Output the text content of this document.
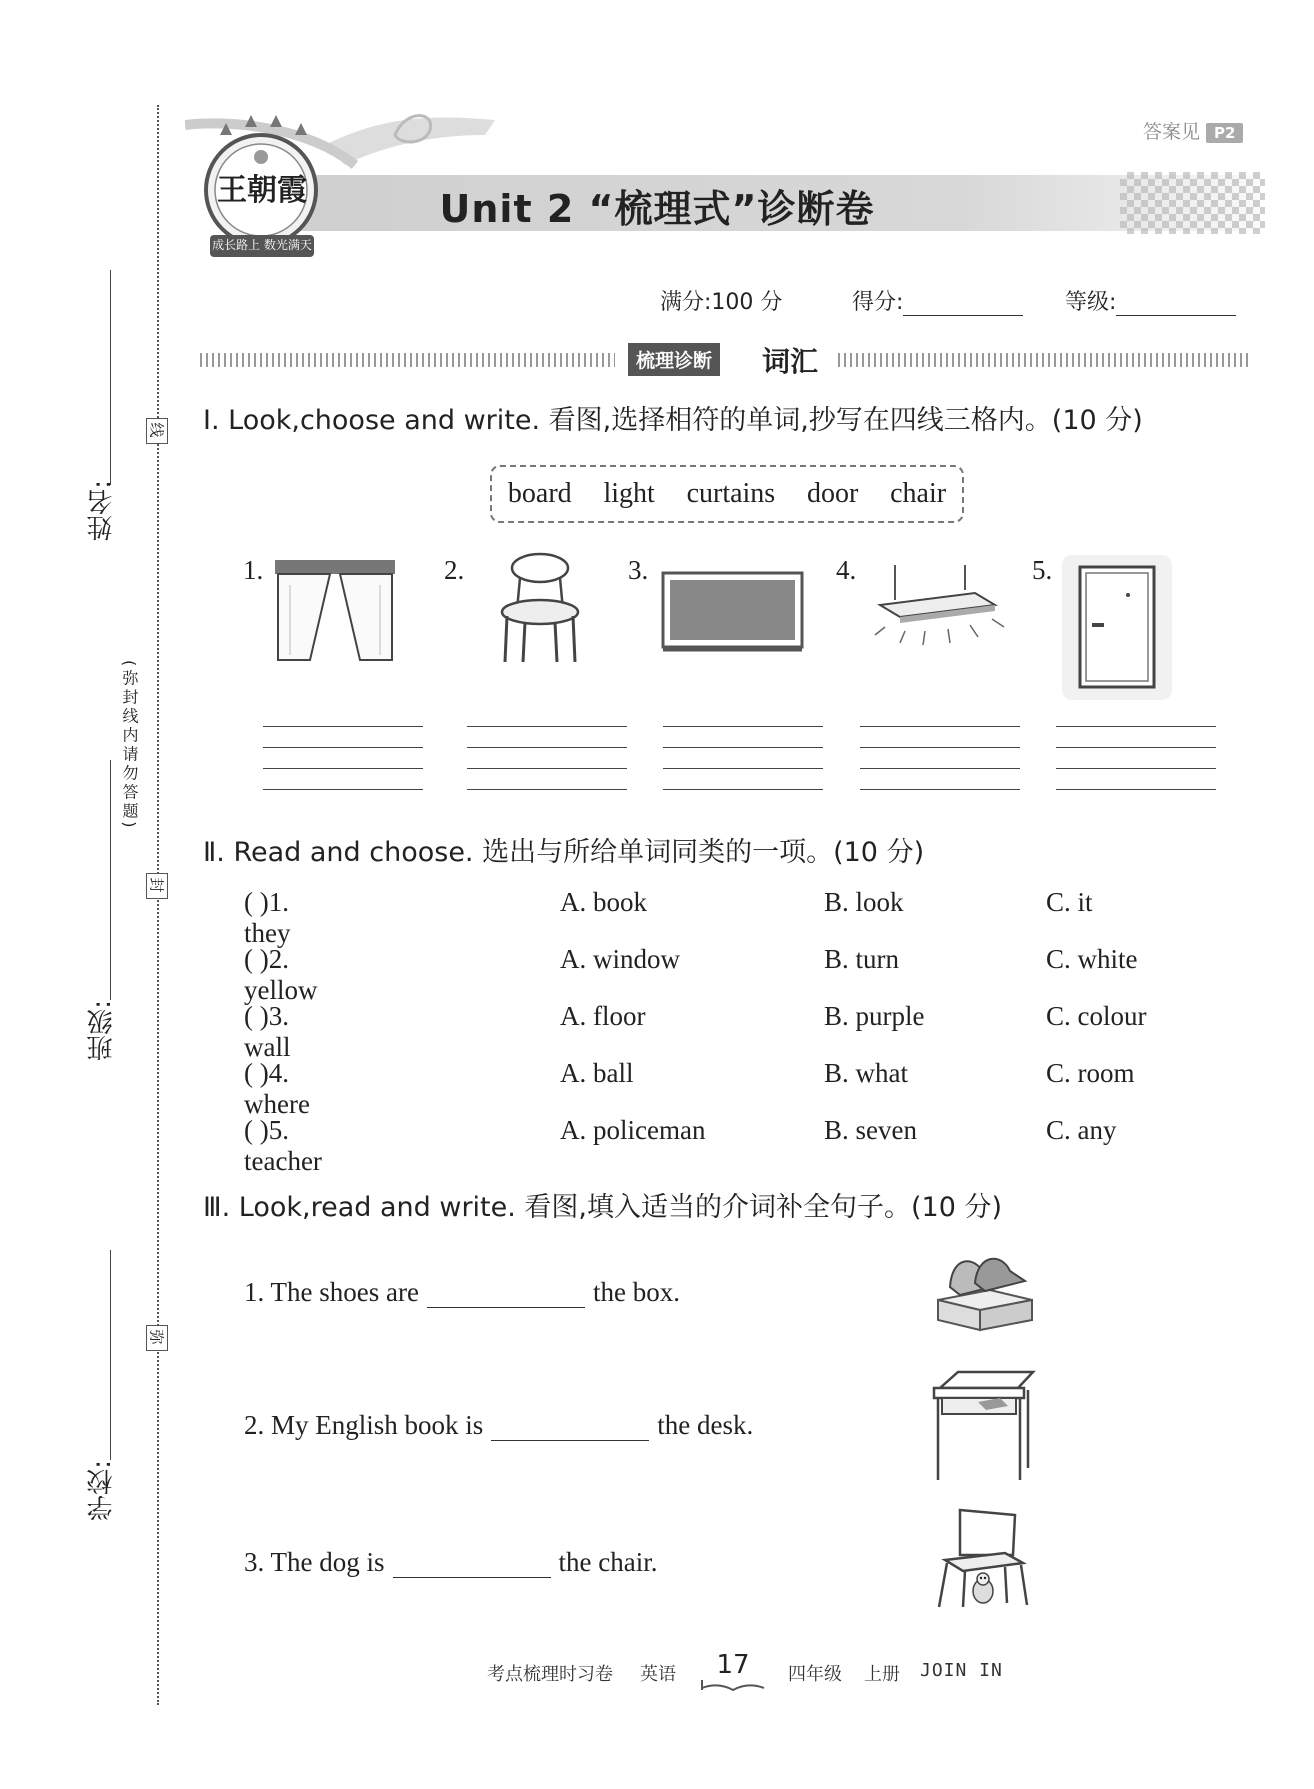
姓名:
线
(弥封线内请勿答题)
封
班级:
弥
学校:
王朝霞
成长路上 数光满天
答案见 P2
Unit 2 “梳理式”诊断卷
满分:100 分	得分:	等级:
梳理诊断 词汇
Ⅰ. Look,choose and write. 看图,选择相符的单词,抄写在四线三格内。(10 分)
board light curtains door chair
1.	2.	3.	4.	5.
Ⅱ. Read and choose. 选出与所给单词同类的一项。(10 分)
( )1. they
A. book	B. look	C. it
( )2. yellow
A. window	B. turn	C. white
( )3. wall
A. floor	B. purple	C. colour
( )4. where
A. ball	B. what	C. room
( )5. teacher
A. policeman	B. seven	C. any
Ⅲ. Look,read and write. 看图,填入适当的介词补全句子。(10 分)
1. The shoes are	the box.
2. My English book is	the desk.
3. The dog is	the chair.
考点梳理时习卷 英语	17	四年级 上册 JOIN IN
